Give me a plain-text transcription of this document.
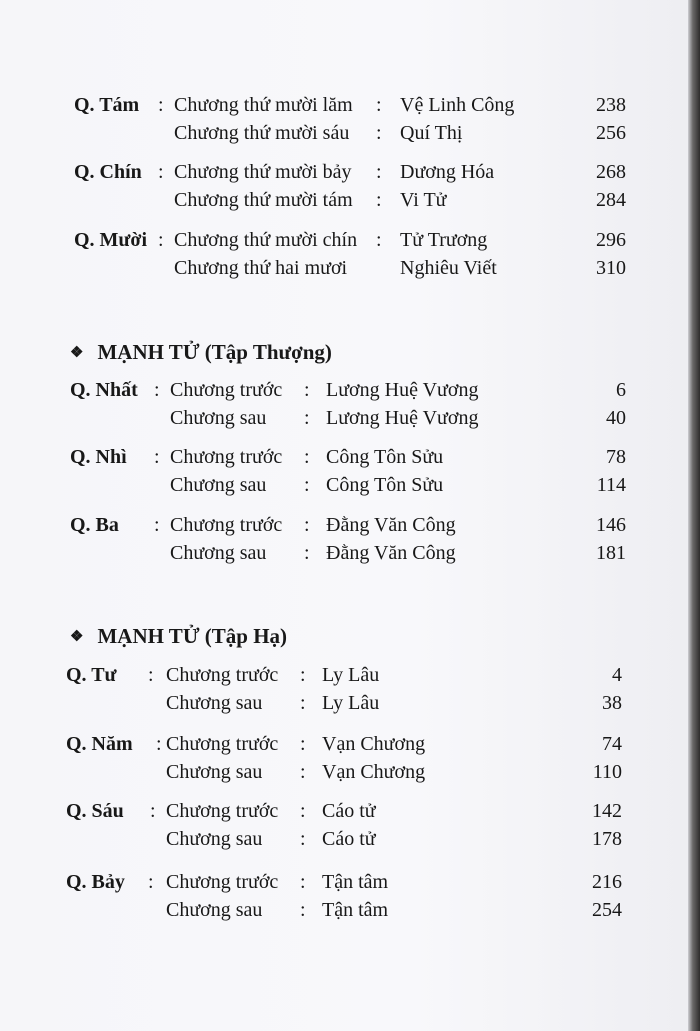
Q. Tám : Chương thứ mười lăm : Vệ Linh Công	238
Chương thứ mười sáu : Quí Thị	256
Q. Chín : Chương thứ mười bảy : Dương Hóa	268
Chương thứ mười tám : Vi Tử	284
Q. Mười : Chương thứ mười chín : Tử Trương	296
Chương thứ hai mươi	Nghiêu Viết	310
❖ MẠNH TỬ (Tập Thượng)
Q. Nhất : Chương trước : Lương Huệ Vương	6
Chương sau : Lương Huệ Vương	40
Q. Nhì : Chương trước : Công Tôn Sửu	78
Chương sau : Công Tôn Sửu	114
Q. Ba : Chương trước : Đằng Văn Công	146
Chương sau : Đằng Văn Công	181
❖ MẠNH TỬ (Tập Hạ)
Q. Tư : Chương trước : Ly Lâu	4
Chương sau : Ly Lâu	38
Q. Năm : Chương trước : Vạn Chương	74
Chương sau : Vạn Chương	110
Q. Sáu : Chương trước : Cáo tử	142
Chương sau : Cáo tử	178
Q. Bảy : Chương trước : Tận tâm	216
Chương sau : Tận tâm	254
